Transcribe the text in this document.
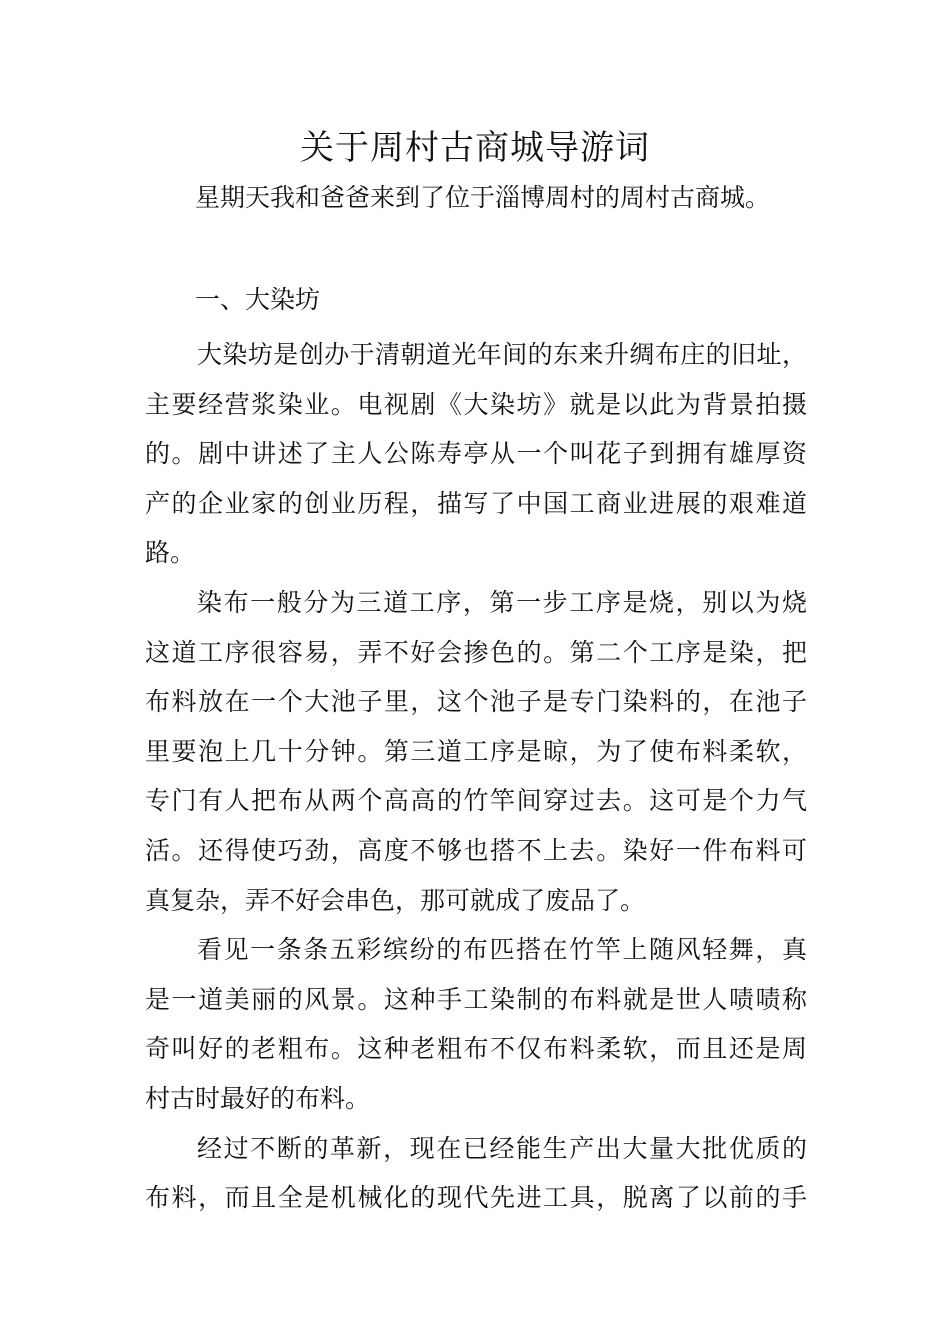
关于周村古商城导游词

星期天我和爸爸来到了位于淄博周村的周村古商城。

一、大染坊

大染坊是创办于清朝道光年间的东来升绸布庄的旧址，
主要经营浆染业。电视剧《大染坊》就是以此为背景拍摄
的。剧中讲述了主人公陈寿亭从一个叫花子到拥有雄厚资
产的企业家的创业历程，描写了中国工商业进展的艰难道
路。

染布一般分为三道工序，第一步工序是烧，别以为烧
这道工序很容易，弄不好会掺色的。第二个工序是染，把
布料放在一个大池子里，这个池子是专门染料的，在池子
里要泡上几十分钟。第三道工序是晾，为了使布料柔软，
专门有人把布从两个高高的竹竿间穿过去。这可是个力气
活。还得使巧劲，高度不够也搭不上去。染好一件布料可
真复杂，弄不好会串色，那可就成了废品了。

看见一条条五彩缤纷的布匹搭在竹竿上随风轻舞，真
是一道美丽的风景。这种手工染制的布料就是世人啧啧称
奇叫好的老粗布。这种老粗布不仅布料柔软，而且还是周
村古时最好的布料。

经过不断的革新，现在已经能生产出大量大批优质的
布料，而且全是机械化的现代先进工具，脱离了以前的手
